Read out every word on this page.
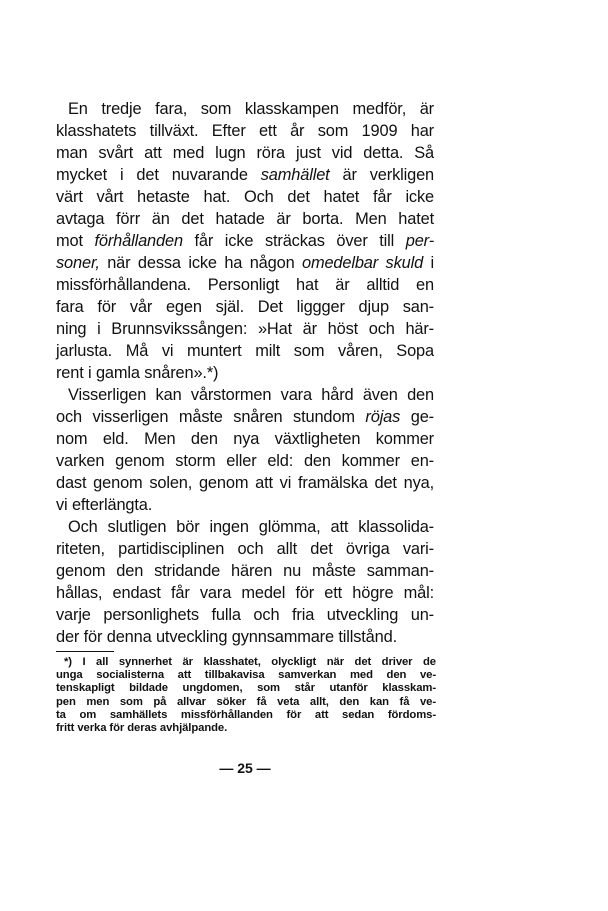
En tredje fara, som klasskampen medför, är
klasshatets tillväxt. Efter ett år som 1909 har
man svårt att med lugn röra just vid detta. Så
mycket i det nuvarande samhället är verkligen
värt vårt hetaste hat. Och det hatet får icke
avtaga förr än det hatade är borta. Men hatet
mot förhållanden får icke sträckas över till per-
soner, när dessa icke ha någon omedelbar skuld i
missförhållandena. Personligt hat är alltid en
fara för vår egen själ. Det liggger djup san-
ning i Brunnsvikssången: »Hat är höst och här-
jarlusta. Må vi muntert milt som våren, Sopa
rent i gamla snåren».*)
Visserligen kan vårstormen vara hård även den
och visserligen måste snåren stundom röjas ge-
nom eld. Men den nya växtligheten kommer
varken genom storm eller eld: den kommer en-
dast genom solen, genom att vi framälska det nya,
vi efterlängta.
Och slutligen bör ingen glömma, att klassolida-
riteten, partidisciplinen och allt det övriga vari-
genom den stridande hären nu måste samman-
hållas, endast får vara medel för ett högre mål:
varje personlighets fulla och fria utveckling un-
der för denna utveckling gynnsammare tillstånd.
*) I all synnerhet är klasshatet, olyckligt när det driver de
unga socialisterna att tillbakavisa samverkan med den ve-
tenskapligt bildade ungdomen, som står utanför klasskam-
pen men som på allvar söker få veta allt, den kan få ve-
ta om samhällets missförhållanden för att sedan fördoms-
fritt verka för deras avhjälpande.
— 25 —
